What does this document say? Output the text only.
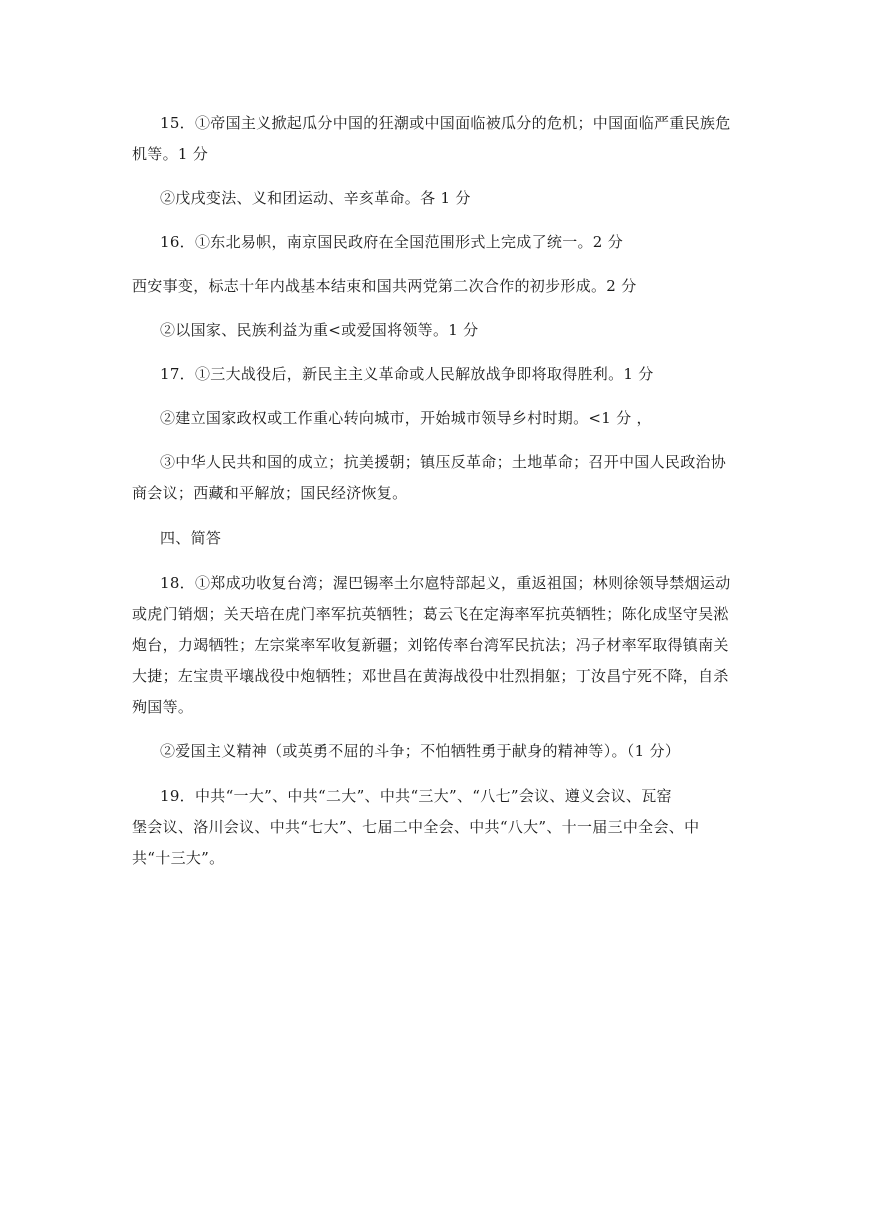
15．①帝国主义掀起瓜分中国的狂潮或中国面临被瓜分的危机；中国面临严重民族危
机等。1 分
②戊戌变法、义和团运动、辛亥革命。各 1 分
16．①东北易帜，南京国民政府在全国范围形式上完成了统一。2 分
西安事变，标志十年内战基本结束和国共两党第二次合作的初步形成。2 分
②以国家、民族利益为重<或爱国将领等。1 分
17．①三大战役后，新民主主义革命或人民解放战争即将取得胜利。1 分
②建立国家政权或工作重心转向城市，开始城市领导乡村时期。<1 分 ，
③中华人民共和国的成立；抗美援朝；镇压反革命；土地革命；召开中国人民政治协
商会议；西藏和平解放；国民经济恢复。
四、简答
18．①郑成功收复台湾；渥巴锡率土尔扈特部起义，重返祖国；林则徐领导禁烟运动
或虎门销烟；关天培在虎门率军抗英牺牲；葛云飞在定海率军抗英牺牲；陈化成坚守吴淞
炮台，力竭牺牲；左宗棠率军收复新疆；刘铭传率台湾军民抗法；冯子材率军取得镇南关
大捷；左宝贵平壤战役中炮牺牲；邓世昌在黄海战役中壮烈捐躯；丁汝昌宁死不降，自杀
殉国等。
②爱国主义精神（或英勇不屈的斗争；不怕牺牲勇于献身的精神等）。（1 分）
19．中共“一大”、中共“二大”、中共“三大”、“八七”会议、遵义会议、瓦窑
堡会议、洛川会议、中共“七大”、七届二中全会、中共“八大”、十一届三中全会、中
共“十三大”。
